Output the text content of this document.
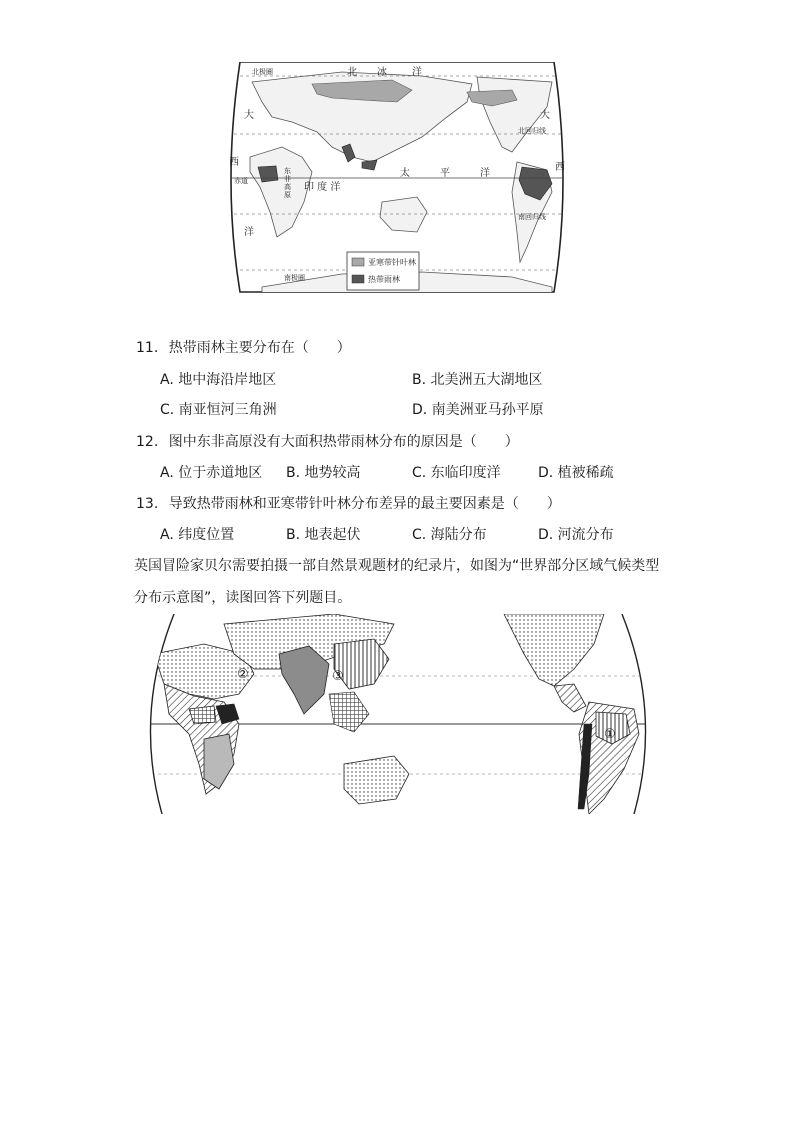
北极圈
赤道
北回归线
南回归线
南极圈
北 冰	洋
大
西
洋
大
西
太	平	洋
印 度 洋
东
非
高
原
亚寒带针叶林
热带雨林
11. 热带雨林主要分布在（　　）
A. 地中海沿岸地区	B. 北美洲五大湖地区
C. 南亚恒河三角洲	D. 南美洲亚马孙平原
12. 图中东非高原没有大面积热带雨林分布的原因是（　　）
A. 位于赤道地区 B. 地势较高	C. 东临印度洋	D. 植被稀疏
13. 导致热带雨林和亚寒带针叶林分布差异的最主要因素是（　　）
A. 纬度位置	B. 地表起伏	C. 海陆分布	D. 河流分布
英国冒险家贝尔需要拍摄一部自然景观题材的纪录片，如图为“世界部分区域气候类型
分布示意图”，读图回答下列题目。
①
②	③
